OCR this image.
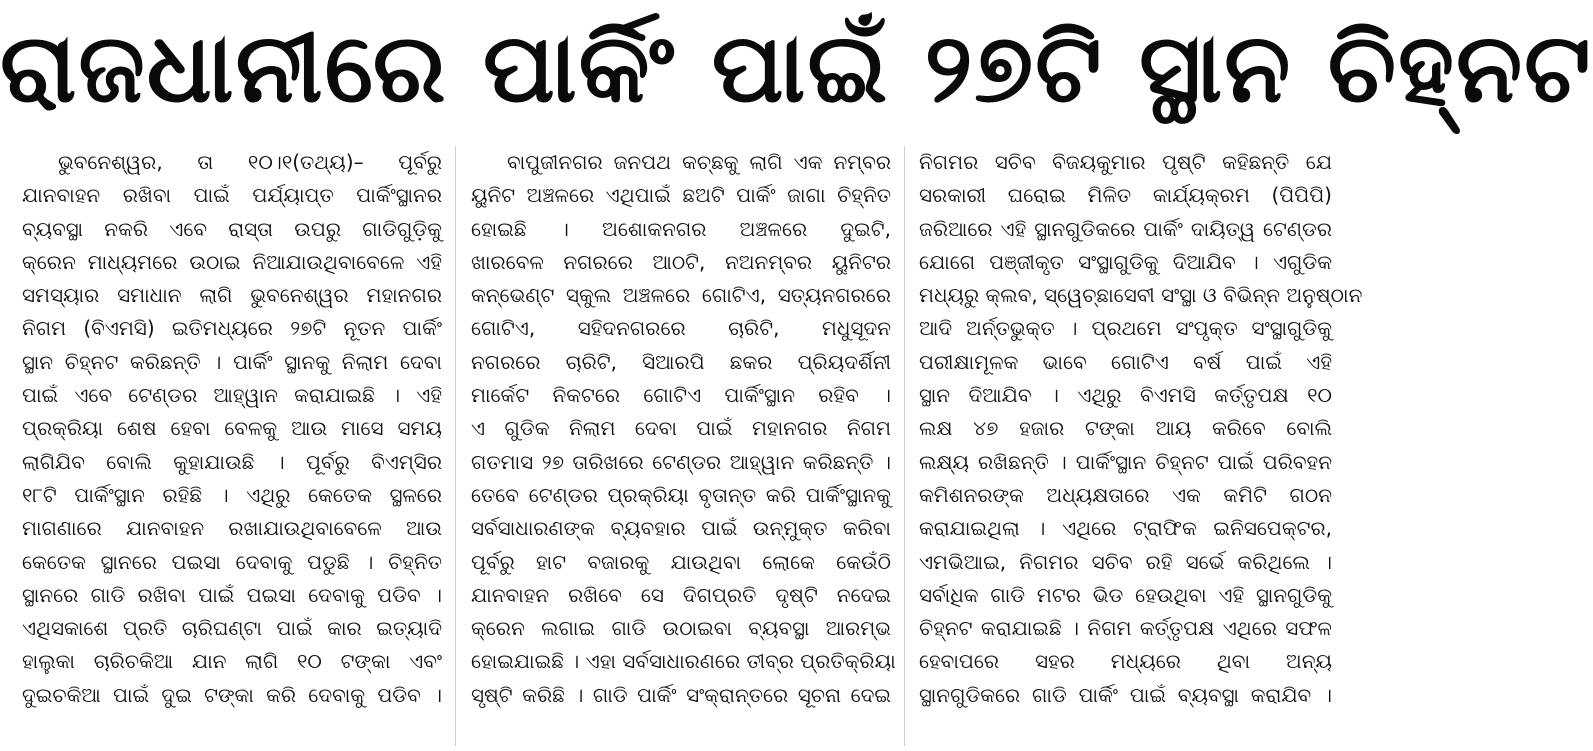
ରାଜଧାନୀରେ ପାର୍କିଂ ପାଇଁ ୨୭ଟି ସ୍ଥାନ ଚିହ୍ନଟ
ଭୁବନେଶ୍ୱର, ତା ୧୦।୧(ତଥ୍ୟ)– ପୂର୍ବରୁ
ଯାନବାହନ ରଖିବା ପାଇଁ ପର୍ଯ୍ୟାପ୍ତ ପାର୍କିଂସ୍ଥାନର
ବ୍ୟବସ୍ଥା ନକରି ଏବେ ରାସ୍ତା ଉପରୁ ଗାଡିଗୁଡ଼ିକୁ
କ୍ରେନ ମାଧ୍ୟମରେ ଉଠାଇ ନିଆଯାଉଥିବାବେଳେ ଏହି
ସମସ୍ୟାର ସମାଧାନ ଲାଗି ଭୁବନେଶ୍ୱର ମହାନଗର
ନିଗମ (ବିଏମସି) ଇତିମଧ୍ୟରେ ୨୭ଟି ନୂତନ ପାର୍କିଂ
ସ୍ଥାନ ଚିହ୍ନଟ କରିଛନ୍ତି । ପାର୍କିଂ ସ୍ଥାନକୁ ନିଲାମ ଦେବା
ପାଇଁ ଏବେ ଟେଣ୍ଡର ଆହ୍ୱାନ କରାଯାଇଛି । ଏହି
ପ୍ରକ୍ରିୟା ଶେଷ ହେବା ବେଳକୁ ଆଉ ମାସେ ସମୟ
ଲାଗିଯିବ ବୋଲି କୁହାଯାଉଛି । ପୂର୍ବରୁ ବିଏମ୍‌ସିର
୧୮ଟି ପାର୍କିଂସ୍ଥାନ ରହିଛି । ଏଥିରୁ କେତେକ ସ୍ଥଳରେ
ମାଗଣାରେ ଯାନବାହନ ରଖାଯାଉଥିବାବେଳେ ଆଉ
କେତେକ ସ୍ଥାନରେ ପଇସା ଦେବାକୁ ପଡୁଛି । ଚିହ୍ନିତ
ସ୍ଥାନରେ ଗାଡି ରଖିବା ପାଇଁ ପଇସା ଦେବାକୁ ପଡିବ ।
ଏଥିସକାଶେ ପ୍ରତି ଚାରିଘଣ୍ଟା ପାଇଁ କାର ଇତ୍ୟାଦି
ହାଲୁକା ଚାରିଚକିଆ ଯାନ ଲାଗି ୧୦ ଟଙ୍କା ଏବଂ
ଦୁଇଚକିଆ ପାଇଁ ଦୁଇ ଟଙ୍କା କରି ଦେବାକୁ ପଡିବ ।
ବାପୁଜୀନଗର ଜନପଥ କଚ୍ଛକୁ ଲାଗି ଏକ ନମ୍ବର
ୟୁନିଟ ଅଞ୍ଚଳରେ ଏଥିପାଇଁ ଛଅଟି ପାର୍କିଂ ଜାଗା ଚିହ୍ନିତ
ହୋଇଛି । ଅଶୋକନଗର ଅଞ୍ଚଳରେ ଦୁଇଟି,
ଖାରବେଳ ନଗରରେ ଆଠଟି, ନଅନମ୍ବର ୟୁନିଟର
କନ୍‌ଭେଣ୍ଟ ସ୍କୁଲ ଅଞ୍ଚଳରେ ଗୋଟିଏ, ସତ୍ୟନଗରରେ
ଗୋଟିଏ, ସହିଦନଗରରେ ଚାରିଟି, ମଧୁସୂଦନ
ନଗରରେ ଚାରିଟି, ସିଆରପି ଛକର ପ୍ରିୟଦର୍ଶିନୀ
ମାର୍କେଟ ନିକଟରେ ଗୋଟିଏ ପାର୍କିଂସ୍ଥାନ ରହିବ ।
ଏ ଗୁଡିକ ନିଲାମ ଦେବା ପାଇଁ ମହାନଗର ନିଗମ
ଗତମାସ ୨୭ ତାରିଖରେ ଟେଣ୍ଡର ଆହ୍ୱାନ କରିଛନ୍ତି ।
ତେବେ ଟେଣ୍ଡର ପ୍ରକ୍ରିୟା ବୃତାନ୍ତ କରି ପାର୍କିଂସ୍ଥାନକୁ
ସର୍ବସାଧାରଣଙ୍କ ବ୍ୟବହାର ପାଇଁ ଉନ୍ମୁକ୍ତ କରିବା
ପୂର୍ବରୁ ହାଟ ବଜାରକୁ ଯାଉଥିବା ଲୋକେ କେଉଁଠି
ଯାନବାହନ ରଖିବେ ସେ ଦିଗପ୍ରତି ଦୃଷ୍ଟି ନଦେଇ
କ୍ରେନ ଲଗାଇ ଗାଡି ଉଠାଇବା ବ୍ୟବସ୍ଥା ଆରମ୍ଭ
ହୋଇଯାଇଛି । ଏହା ସର୍ବସାଧାରଣରେ ତୀବ୍ର ପ୍ରତିକ୍ରିୟା
ସୃଷ୍ଟି କରିଛି । ଗାଡି ପାର୍କିଂ ସଂକ୍ରାନ୍ତରେ ସୂଚନା ଦେଇ
ନିଗମର ସଚିବ ବିଜୟକୁମାର ପୃଷ୍ଟି କହିଛନ୍ତି ଯେ
ସରକାରୀ ଘରୋଇ ମିଳିତ କାର୍ଯ୍ୟକ୍ରମ (ପିପିପି)
ଜରିଆରେ ଏହି ସ୍ଥାନଗୁଡିକରେ ପାର୍କିଂ ଦାୟିତ୍ୱ ଟେଣ୍ଡର
ଯୋଗେ ପଞ୍ଜୀକୃତ ସଂସ୍ଥାଗୁଡିକୁ ଦିଆଯିବ । ଏଗୁଡିକ
ମଧ୍ୟରୁ କ୍ଲବ, ସ୍ୱେଚ୍ଛାସେବୀ ସଂସ୍ଥା ଓ ବିଭିନ୍ନ ଅନୁଷ୍ଠାନ
ଆଦି ଅର୍ନ୍ତଭୁକ୍ତ । ପ୍ରଥମେ ସଂପୃକ୍ତ ସଂସ୍ଥାଗୁଡିକୁ
ପରୀକ୍ଷାମୂଳକ ଭାବେ ଗୋଟିଏ ବର୍ଷ ପାଇଁ ଏହି
ସ୍ଥାନ ଦିଆଯିବ । ଏଥିରୁ ବିଏମସି କର୍ତ୍ତୃପକ୍ଷ ୧୦
ଲକ୍ଷ ୪୭ ହଜାର ଟଙ୍କା ଆୟ କରିବେ ବୋଲି
ଲକ୍ଷ୍ୟ ରଖିଛନ୍ତି । ପାର୍କିଂସ୍ଥାନ ଚିହ୍ନଟ ପାଇଁ ପରିବହନ
କମିଶନରଙ୍କ ଅଧ୍ୟକ୍ଷତାରେ ଏକ କମିଟି ଗଠନ
କରାଯାଇଥିଲା । ଏଥିରେ ଟ୍ରାଫିକ ଇନିସପେକ୍ଟର,
ଏମଭିଆଇ, ନିଗମର ସଚିବ ରହି ସର୍ଭେ କରିଥିଲେ ।
ସର୍ବାଧିକ ଗାଡି ମଟର ଭିଡ ହେଉଥିବା ଏହି ସ୍ଥାନଗୁଡିକୁ
ଚିହ୍ନଟ କରାଯାଇଛି । ନିଗମ କର୍ତ୍ତୃପକ୍ଷ ଏଥିରେ ସଫଳ
ହେବାପରେ ସହର ମଧ୍ୟରେ ଥିବା ଅନ୍ୟ
ସ୍ଥାନଗୁଡିକରେ ଗାଡି ପାର୍କିଂ ପାଇଁ ବ୍ୟବସ୍ଥା କରାଯିବ ।
